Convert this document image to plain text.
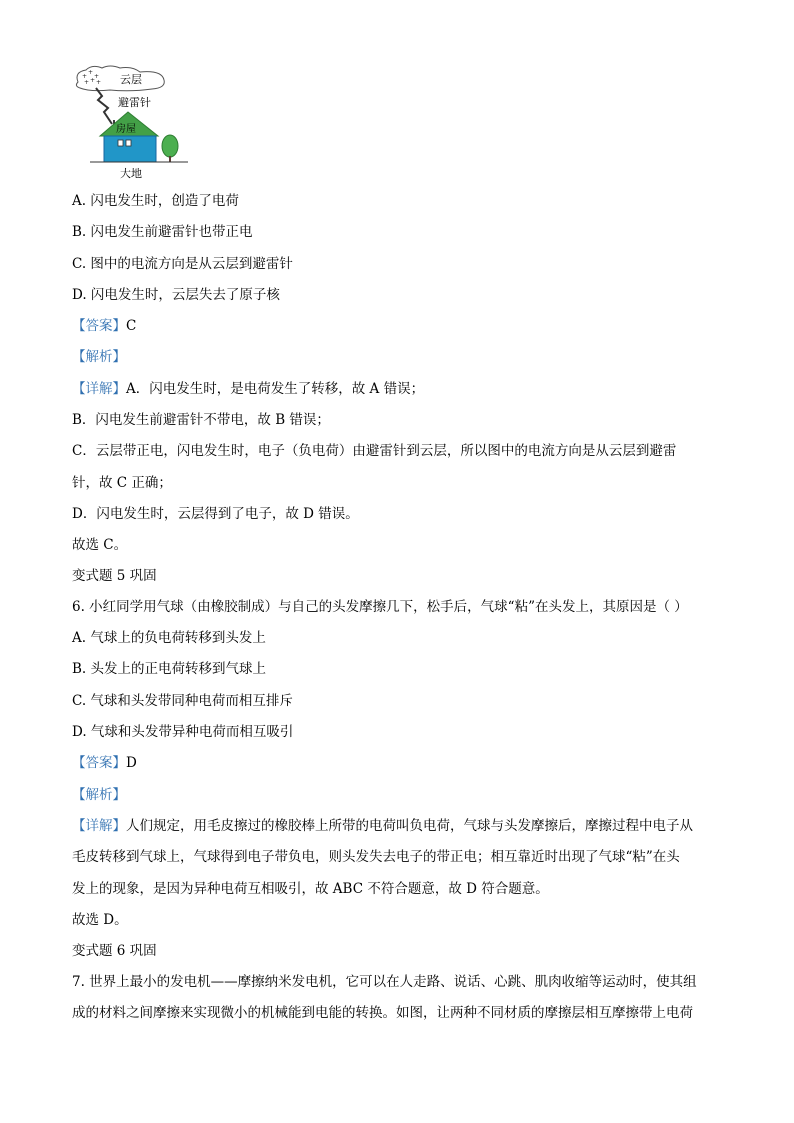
+
+
+
+ + + 云层
避雷针
房屋
大地
A. 闪电发生时，创造了电荷
B. 闪电发生前避雷针也带正电
C. 图中的电流方向是从云层到避雷针
D. 闪电发生时，云层失去了原子核
【答案】C
【解析】
【详解】A．闪电发生时，是电荷发生了转移，故 A 错误；
B．闪电发生前避雷针不带电，故 B 错误；
C．云层带正电，闪电发生时，电子（负电荷）由避雷针到云层，所以图中的电流方向是从云层到避雷
针，故 C 正确；
D．闪电发生时，云层得到了电子，故 D 错误。
故选 C。
变式题 5 巩固
6. 小红同学用气球（由橡胶制成）与自己的头发摩擦几下，松手后，气球“粘”在头发上，其原因是（ ）
A. 气球上的负电荷转移到头发上
B. 头发上的正电荷转移到气球上
C. 气球和头发带同种电荷而相互排斥
D. 气球和头发带异种电荷而相互吸引
【答案】D
【解析】
【详解】人们规定，用毛皮擦过的橡胶棒上所带的电荷叫负电荷，气球与头发摩擦后，摩擦过程中电子从
毛皮转移到气球上，气球得到电子带负电，则头发失去电子的带正电；相互靠近时出现了气球“粘”在头
发上的现象，是因为异种电荷互相吸引，故 ABC 不符合题意，故 D 符合题意。
故选 D。
变式题 6 巩固
7. 世界上最小的发电机——摩擦纳米发电机，它可以在人走路、说话、心跳、肌肉收缩等运动时，使其组
成的材料之间摩擦来实现微小的机械能到电能的转换。如图，让两种不同材质的摩擦层相互摩擦带上电荷
